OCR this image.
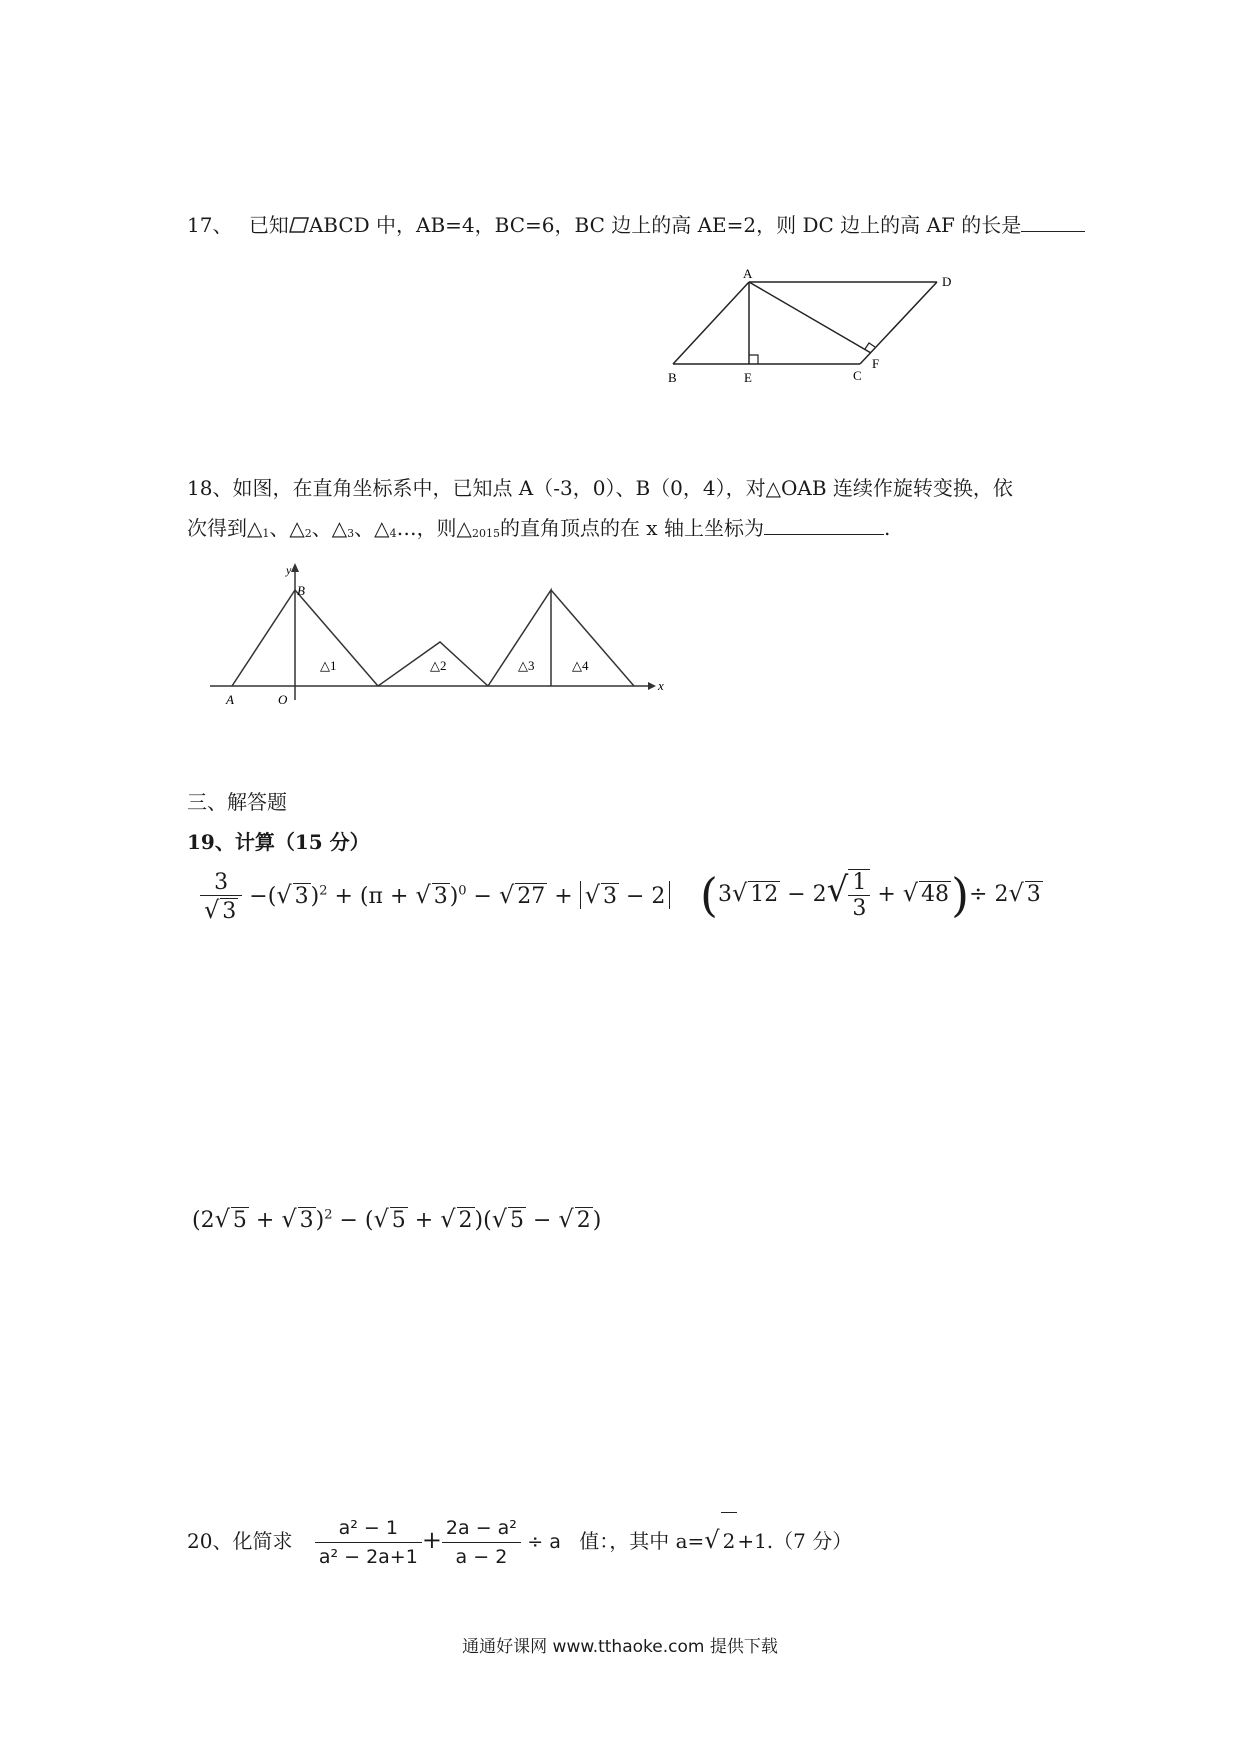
17、 已知 ABCD 中，AB=4，BC=6，BC 边上的高 AE=2，则 DC 边上的高 AF 的长是
A
B	E	C
D
F
18、如图，在直角坐标系中，已知点 A（-3，0）、B（0，4），对△OAB 连续作旋转变换，依
次得到△1、△2、△3、△4…，则△2015的直角顶点的在 x 轴上坐标为	.
y
B
A	O
x
△1	△2	△3	△4
三、解答题
19、计算（15 分）
$\frac{3}{√ 3}$ −(√ 3)$^2$ + (π + √ 3)$^0$ − √ 27 + √ 3 − 2 (3√ $12 - 2√ \frac{1}{3}$ + √ 48)÷ 2√ 3
(2√ 5 + √ 3)$^2$ − (√ 5 + √ 2)(√ 5 − √ 2)
20、化简求 $\frac{\text{a² − 1}}{\text{a² − 2a+1}} + \frac{\text{2a − a²}}{a - 2} \div a$ 值：，其中 a=√ 2 +1.（7 分）
通通好课网 www.tthaoke.com 提供下载
